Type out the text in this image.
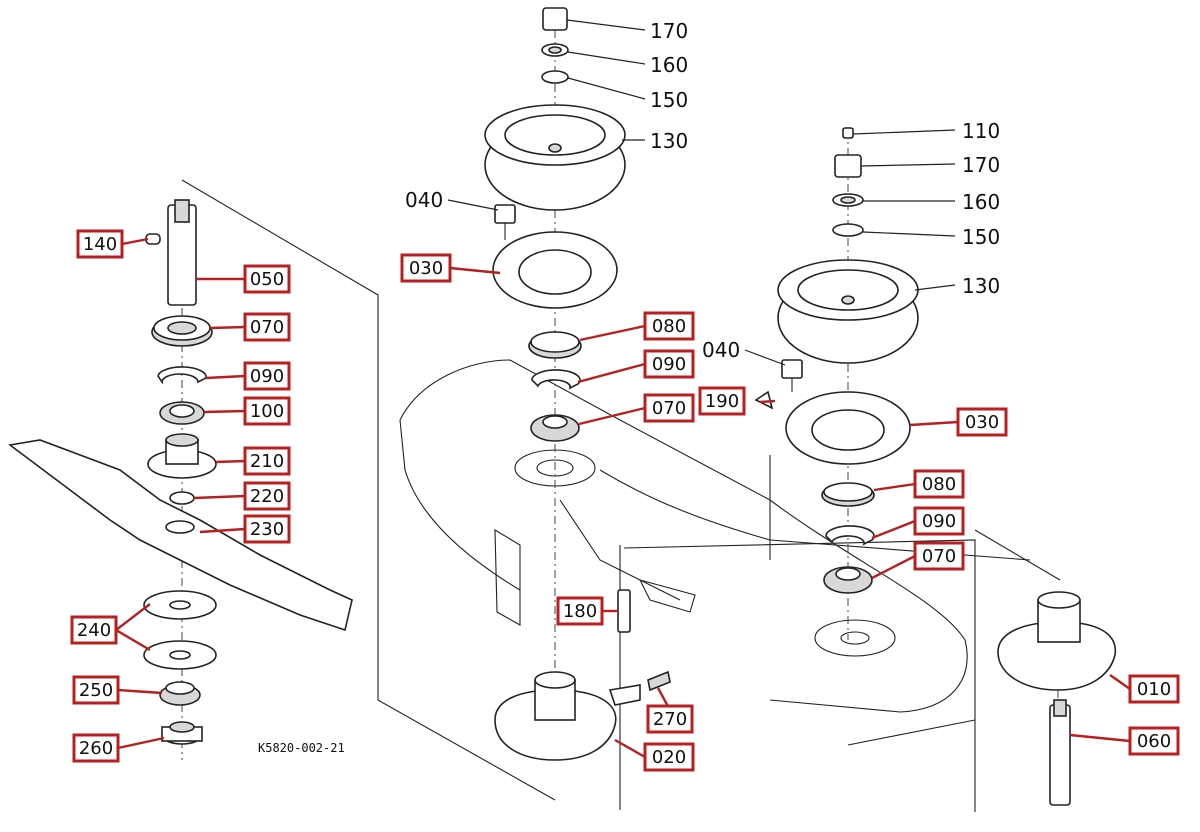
170
160
150
130
040
110
170
160
150
130
040
140
050
070
090
100
210
220
230
240
250
260
030
080
090
070
180
270
020
190
030
080
090
070
010
060
K5820-002-21
